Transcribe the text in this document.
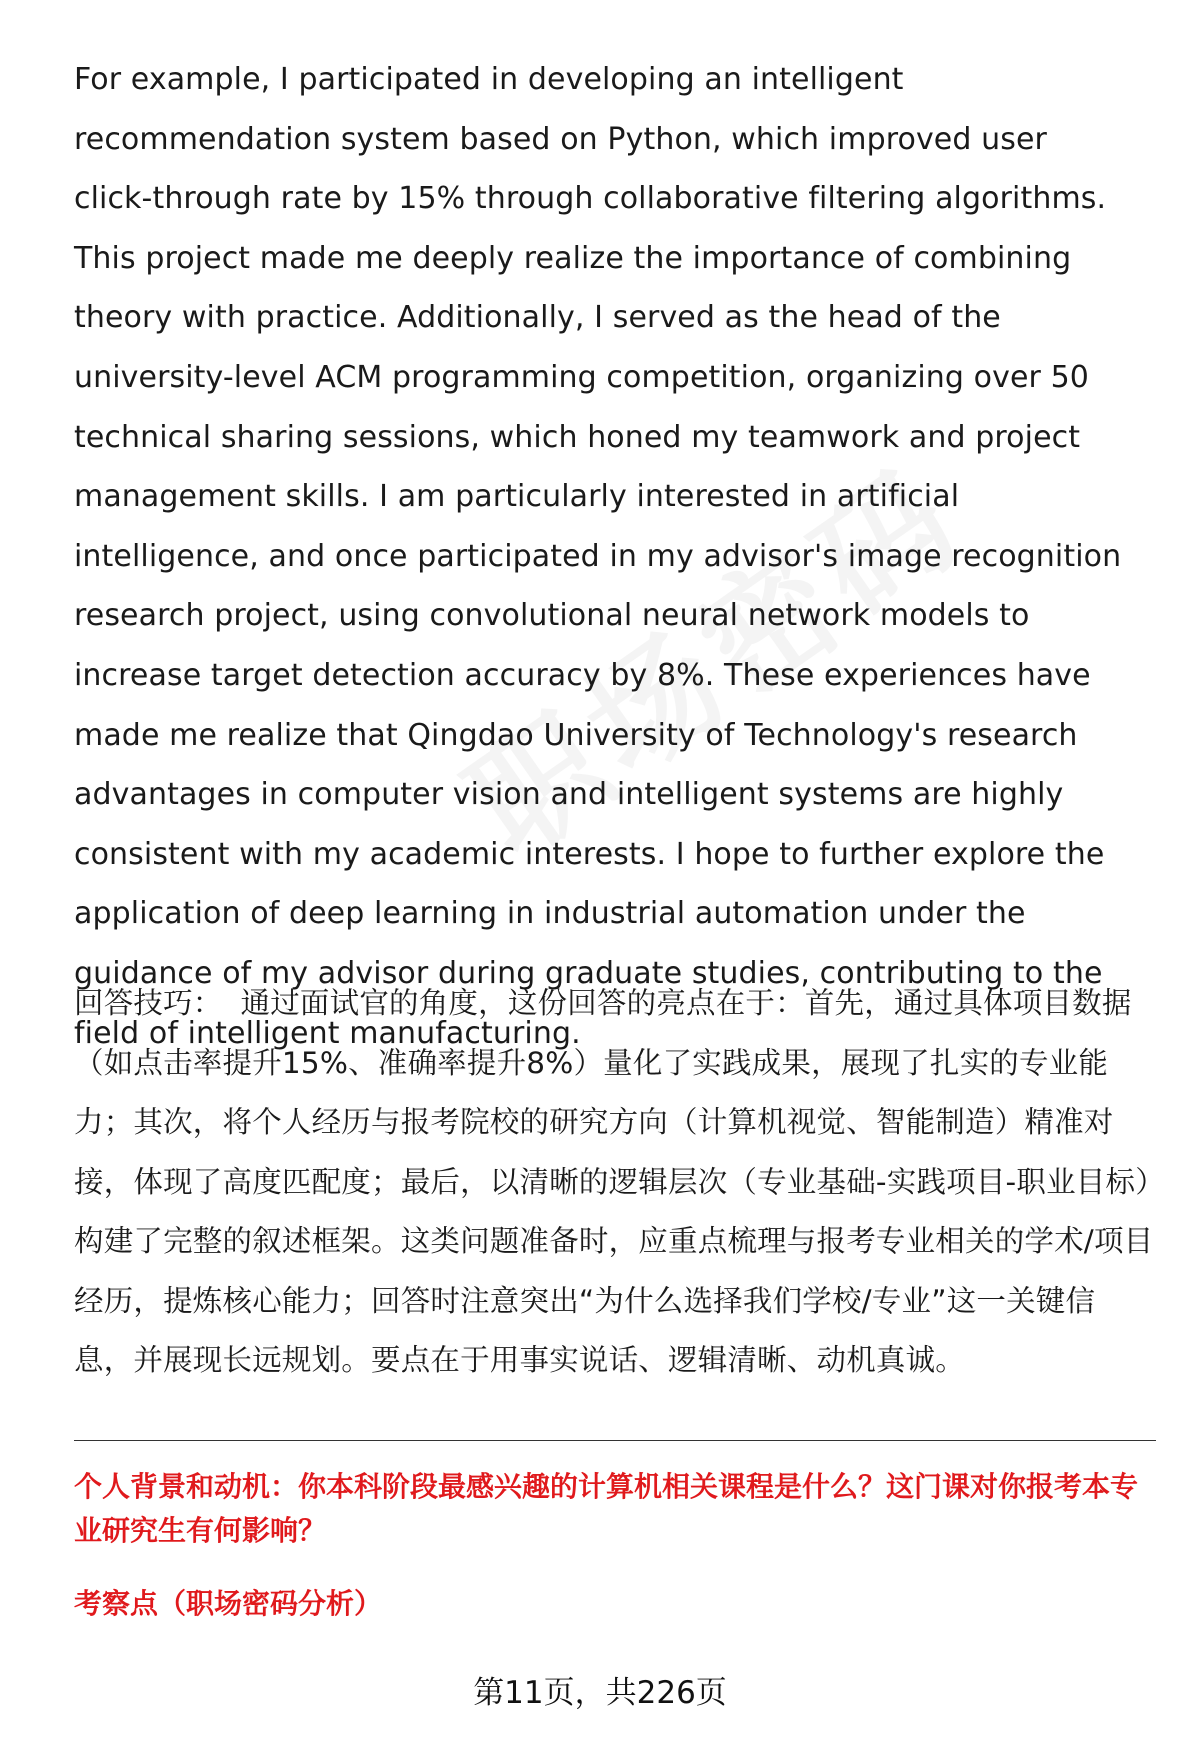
For example, I participated in developing an intelligent recommendation system based on Python, which improved user click-through rate by 15% through collaborative filtering algorithms. This project made me deeply realize the importance of combining theory with practice. Additionally, I served as the head of the university-level ACM programming competition, organizing over 50 technical sharing sessions, which honed my teamwork and project management skills. I am particularly interested in artificial intelligence, and once participated in my advisor's image recognition research project, using convolutional neural network models to increase target detection accuracy by 8%. These experiences have made me realize that Qingdao University of Technology's research advantages in computer vision and intelligent systems are highly consistent with my academic interests. I hope to further explore the application of deep learning in industrial automation under the guidance of my advisor during graduate studies, contributing to the field of intelligent manufacturing.

回答技巧： 通过面试官的角度，这份回答的亮点在于：首先，通过具体项目数据（如点击率提升15%、准确率提升8%）量化了实践成果，展现了扎实的专业能力；其次，将个人经历与报考院校的研究方向（计算机视觉、智能制造）精准对接，体现了高度匹配度；最后，以清晰的逻辑层次（专业基础-实践项目-职业目标）构建了完整的叙述框架。这类问题准备时，应重点梳理与报考专业相关的学术/项目经历，提炼核心能力；回答时注意突出“为什么选择我们学校/专业”这一关键信息，并展现长远规划。要点在于用事实说话、逻辑清晰、动机真诚。

个人背景和动机：你本科阶段最感兴趣的计算机相关课程是什么？这门课对你报考本专业研究生有何影响？
考察点（职场密码分析）
第11页，共226页
